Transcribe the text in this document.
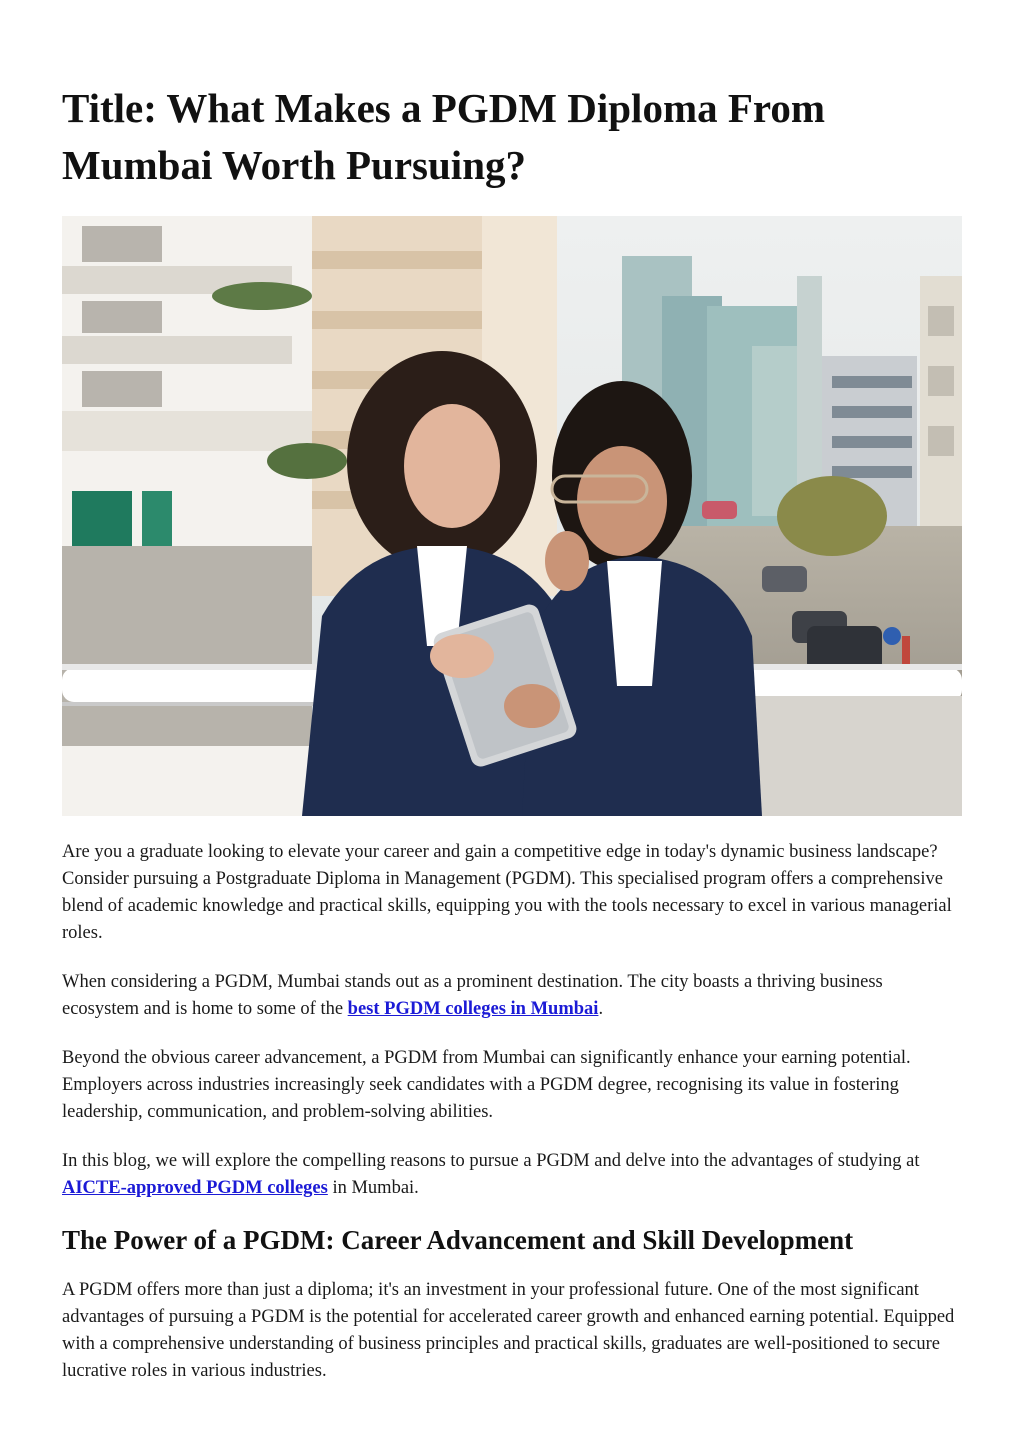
Title: What Makes a PGDM Diploma From Mumbai Worth Pursuing?

Are you a graduate looking to elevate your career and gain a competitive edge in today's dynamic business landscape? Consider pursuing a Postgraduate Diploma in Management (PGDM). This specialised program offers a comprehensive blend of academic knowledge and practical skills, equipping you with the tools necessary to excel in various managerial roles.

When considering a PGDM, Mumbai stands out as a prominent destination. The city boasts a thriving business ecosystem and is home to some of the best PGDM colleges in Mumbai.

Beyond the obvious career advancement, a PGDM from Mumbai can significantly enhance your earning potential. Employers across industries increasingly seek candidates with a PGDM degree, recognising its value in fostering leadership, communication, and problem-solving abilities.

In this blog, we will explore the compelling reasons to pursue a PGDM and delve into the advantages of studying at AICTE-approved PGDM colleges in Mumbai.

The Power of a PGDM: Career Advancement and Skill Development

A PGDM offers more than just a diploma; it's an investment in your professional future. One of the most significant advantages of pursuing a PGDM is the potential for accelerated career growth and enhanced earning potential. Equipped with a comprehensive understanding of business principles and practical skills, graduates are well-positioned to secure lucrative roles in various industries.
